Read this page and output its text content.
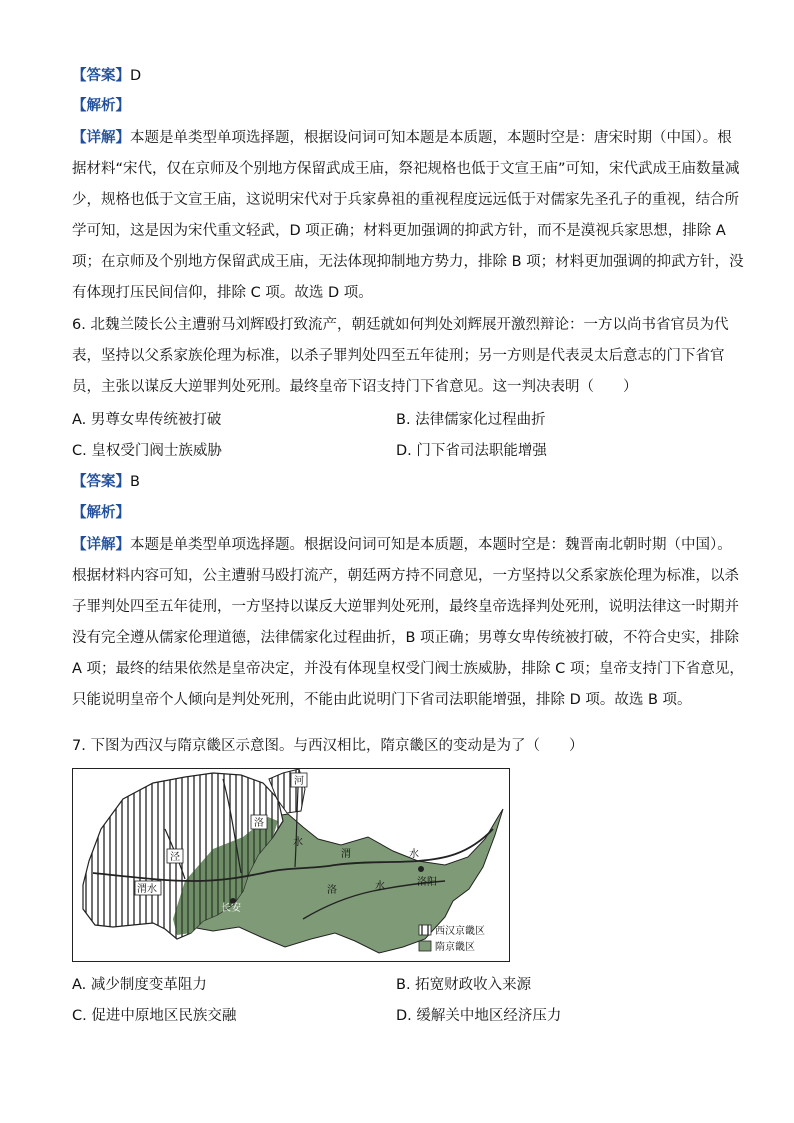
【答案】D
【解析】
【详解】本题是单类型单项选择题，根据设问词可知本题是本质题，本题时空是：唐宋时期（中国）。根
据材料“宋代，仅在京师及个别地方保留武成王庙，祭祀规格也低于文宣王庙”可知，宋代武成王庙数量减
少，规格也低于文宣王庙，这说明宋代对于兵家鼻祖的重视程度远远低于对儒家先圣孔子的重视，结合所
学可知，这是因为宋代重文轻武，D 项正确；材料更加强调的抑武方针，而不是漠视兵家思想，排除 A
项；在京师及个别地方保留武成王庙，无法体现抑制地方势力，排除 B 项；材料更加强调的抑武方针，没
有体现打压民间信仰，排除 C 项。故选 D 项。
6. 北魏兰陵长公主遭驸马刘辉殴打致流产，朝廷就如何判处刘辉展开激烈辩论：一方以尚书省官员为代
表，坚持以父系家族伦理为标准，以杀子罪判处四至五年徒刑；另一方则是代表灵太后意志的门下省官
员，主张以谋反大逆罪判处死刑。最终皇帝下诏支持门下省意见。这一判决表明（　　）
A. 男尊女卑传统被打破	B. 法律儒家化过程曲折
C. 皇权受门阀士族威胁	D. 门下省司法职能增强
【答案】B
【解析】
【详解】本题是单类型单项选择题。根据设问词可知是本质题，本题时空是：魏晋南北朝时期（中国）。
根据材料内容可知，公主遭驸马殴打流产，朝廷两方持不同意见，一方坚持以父系家族伦理为标准，以杀
子罪判处四至五年徒刑，一方坚持以谋反大逆罪判处死刑，最终皇帝选择判处死刑，说明法律这一时期并
没有完全遵从儒家伦理道德，法律儒家化过程曲折，B 项正确；男尊女卑传统被打破，不符合史实，排除
A 项；最终的结果依然是皇帝决定，并没有体现皇权受门阀士族威胁，排除 C 项；皇帝支持门下省意见，
只能说明皇帝个人倾向是判处死刑，不能由此说明门下省司法职能增强，排除 D 项。故选 B 项。
7. 下图为西汉与隋京畿区示意图。与西汉相比，隋京畿区的变动是为了（　　）
河
洛
泾
渭水
水
渭	水
洛	水	洛阳
长安
西汉京畿区
隋京畿区
A. 减少制度变革阻力	B. 拓宽财政收入来源
C. 促进中原地区民族交融	D. 缓解关中地区经济压力
